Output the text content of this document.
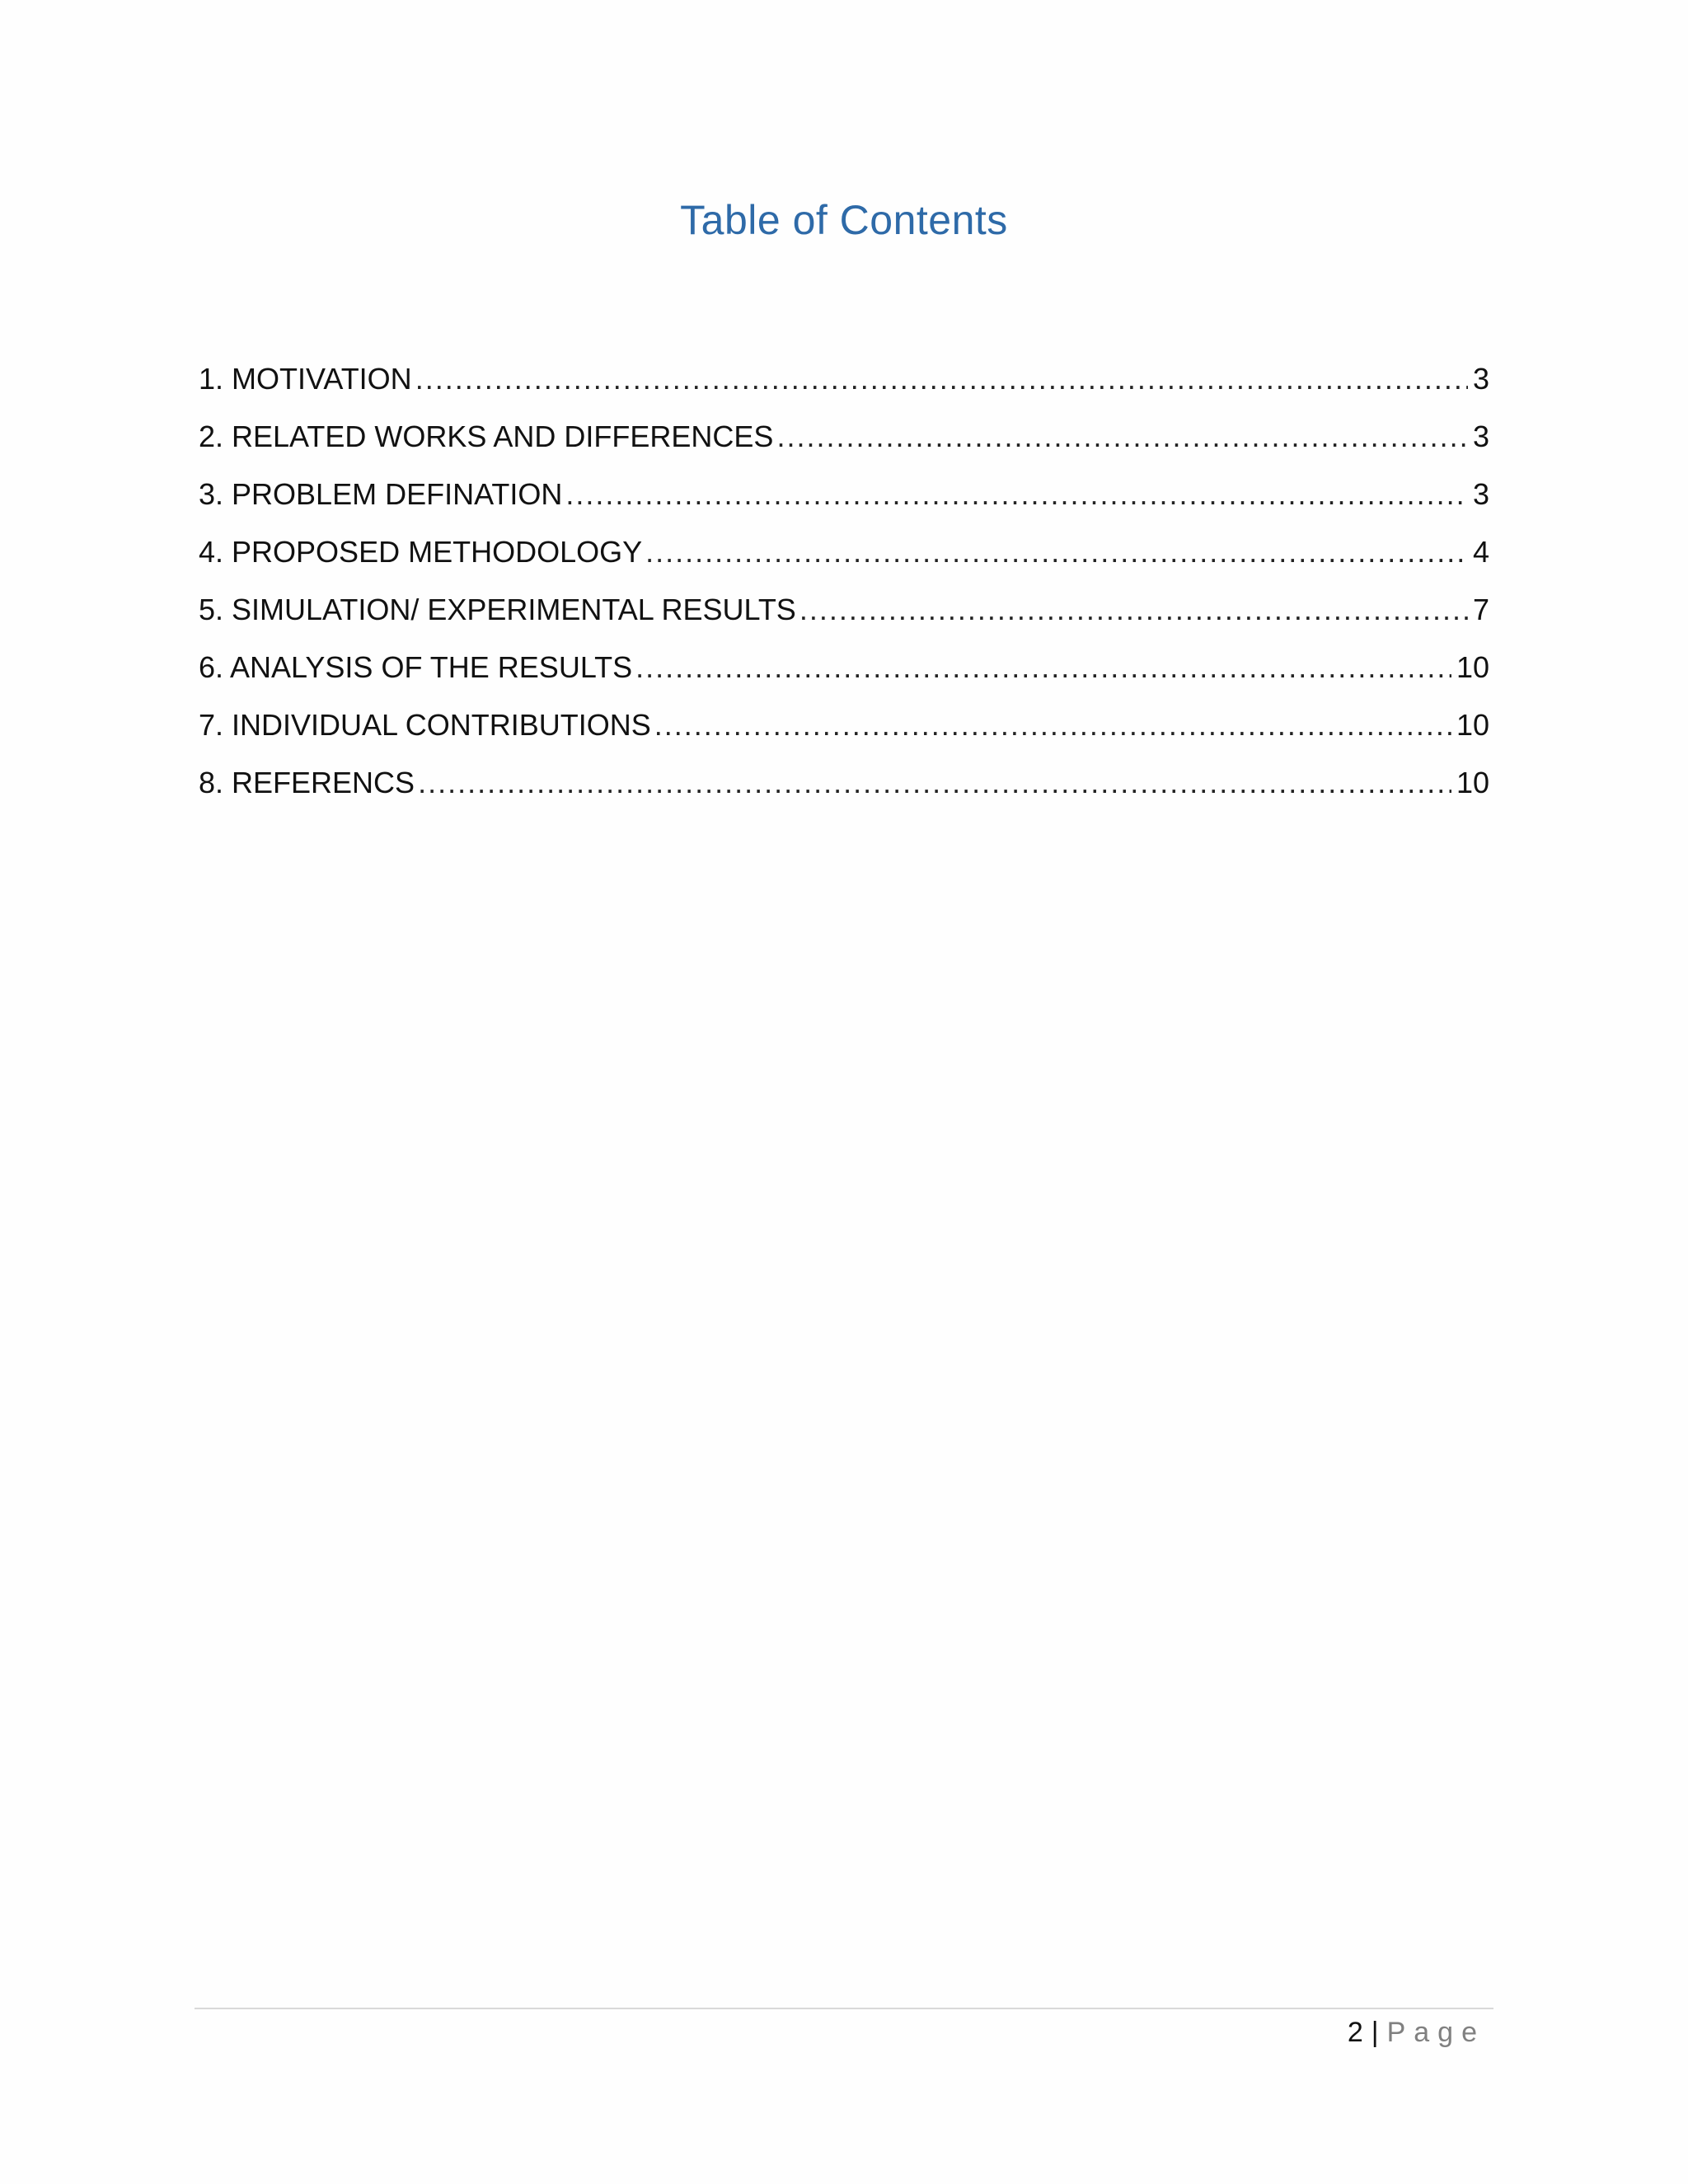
Table of Contents
1. MOTIVATION .....	3
2. RELATED WORKS AND DIFFERENCES .....	3
3. PROBLEM DEFINATION .....	3
4. PROPOSED METHODOLOGY .....	4
5. SIMULATION/ EXPERIMENTAL RESULTS .....	7
6. ANALYSIS OF THE RESULTS .....	10
7. INDIVIDUAL CONTRIBUTIONS .....	10
8. REFERENCS .....	10
2 | Page
